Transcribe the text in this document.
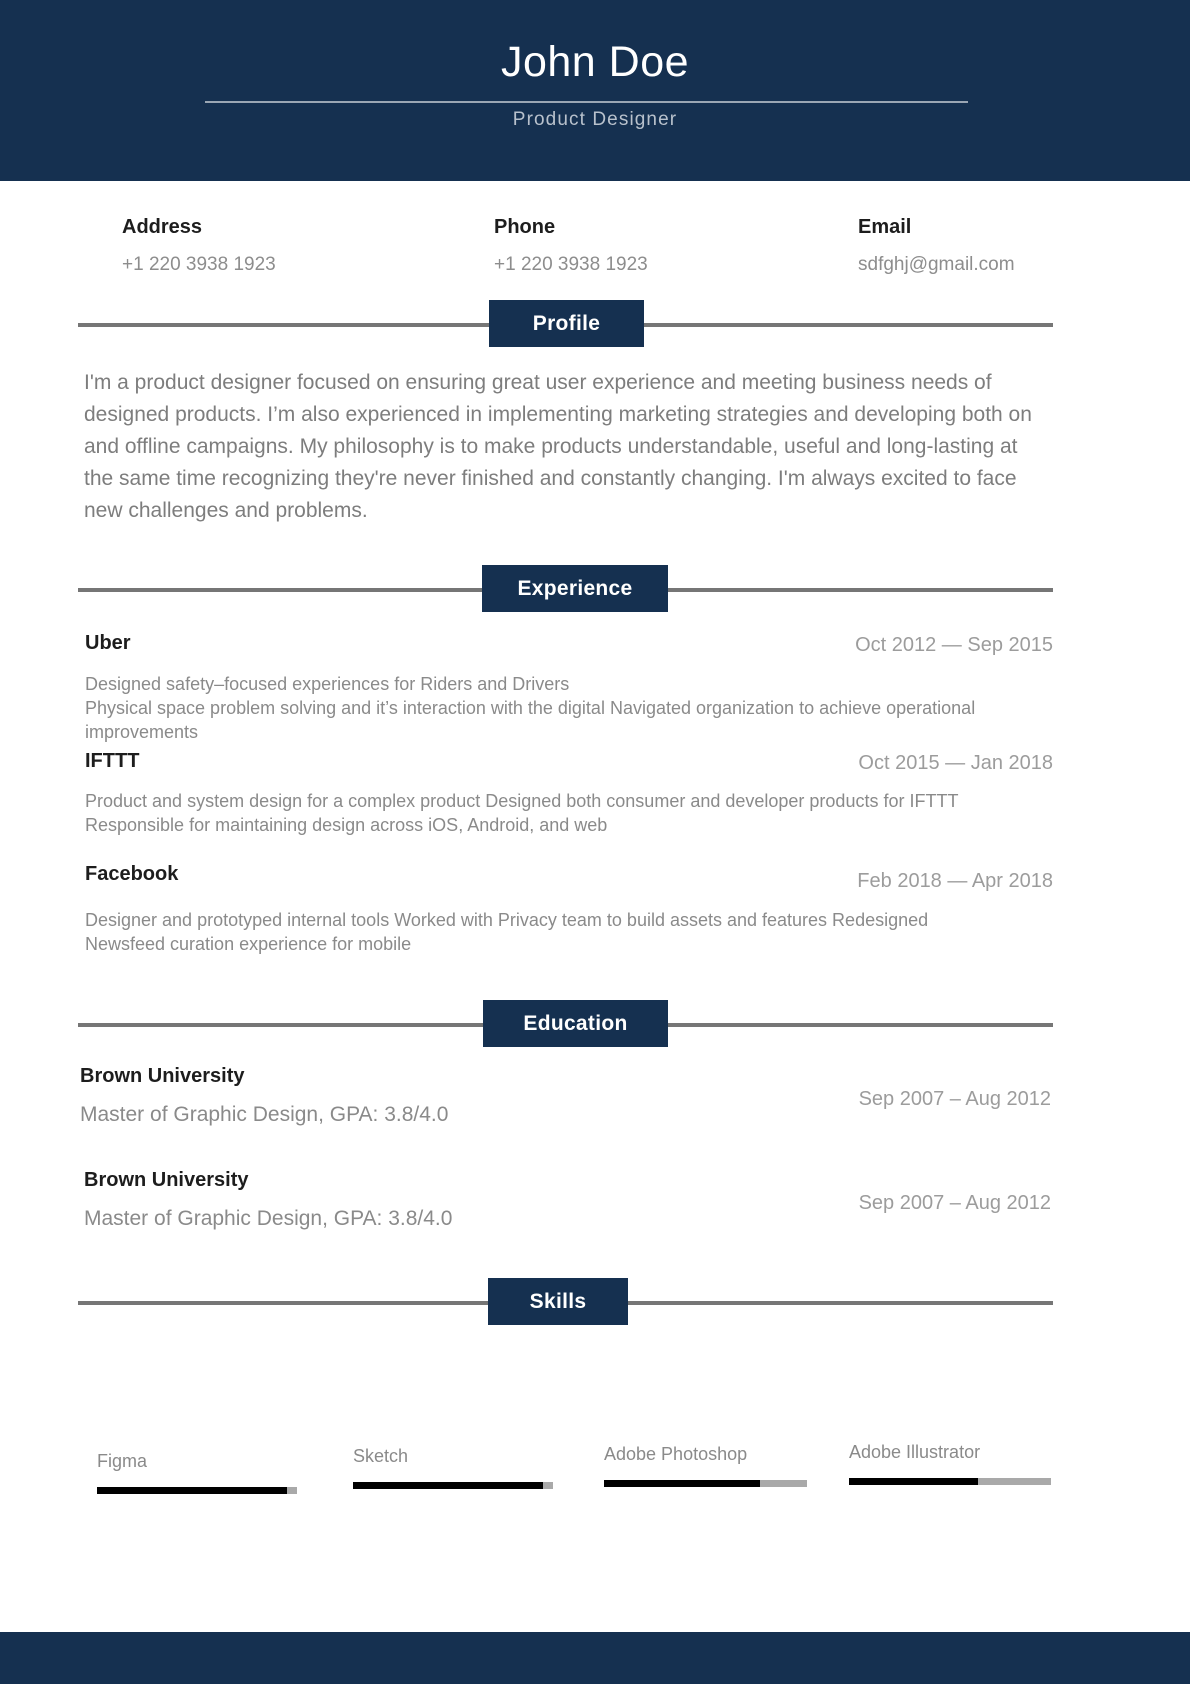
John Doe
Product Designer
Address
+1 220 3938 1923
Phone
+1 220 3938 1923
Email
sdfghj@gmail.com
Profile
I'm a product designer focused on ensuring great user experience and meeting business needs of designed products. I’m also experienced in implementing marketing strategies and developing both on and offline campaigns. My philosophy is to make products understandable, useful and long-lasting at the same time recognizing they're never finished and constantly changing. I'm always excited to face new challenges and problems.
Experience
Uber	Oct 2012 — Sep 2015
Designed safety–focused experiences for Riders and Drivers
Physical space problem solving and it’s interaction with the digital Navigated organization to achieve operational improvements
IFTTT	Oct 2015 — Jan 2018
Product and system design for a complex product Designed both consumer and developer products for IFTTT
Responsible for maintaining design across iOS, Android, and web
Facebook	Feb 2018 — Apr 2018
Designer and prototyped internal tools Worked with Privacy team to build assets and features Redesigned Newsfeed curation experience for mobile
Education
Brown University
Sep 2007 – Aug 2012
Master of Graphic Design, GPA: 3.8/4.0
Brown University
Sep 2007 – Aug 2012
Master of Graphic Design, GPA: 3.8/4.0
Skills
Figma	Sketch	Adobe Photoshop	Adobe Illustrator
